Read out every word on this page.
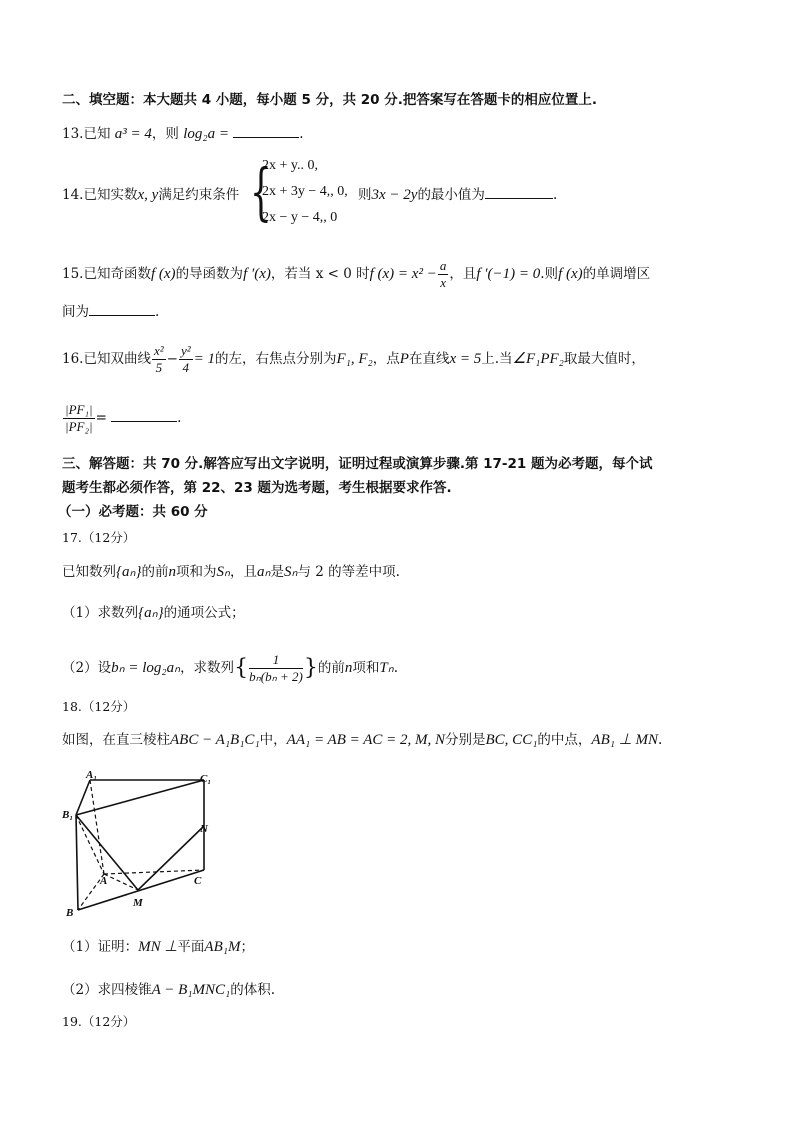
二、填空题：本大题共 4 小题，每小题 5 分，共 20 分.把答案写在答题卡的相应位置上.
13.已知 a³ = 4，则 log₂a =	.
14.已知实数x, y满足约束条件 {
2x + y.. 0,
2x + 3y − 4,, 0,
2x − y − 4,, 0
则3x − 2y的最小值为	.
15.已知奇函数f (x)的导函数为f ′(x)，若当 x < 0 时f $(x) = x^2 - \frac{a}{x}$ ，且f ′(−1) = 0.则f (x)的单调增区
间为	.
16.已知双曲线 $\frac{\text{x²}}{5} - \frac{\text{y²}}{4} = 1$的左，右焦点分别为F₁, F₂，点P在直线x = 5上.当∠F₁PF₂取最大值时，
$\frac{\text{|PF₁|}}{\text{|PF₂|}}$ =	.
三、解答题：共 70 分.解答应写出文字说明，证明过程或演算步骤.第 17-21 题为必考题，每个试
题考生都必须作答，第 22、23 题为选考题，考生根据要求作答.
（一）必考题：共 60 分
17.（12分）
已知数列{aₙ}的前n项和为Sₙ，且aₙ是Sₙ与 2 的等差中项.
（1）求数列{aₙ}的通项公式；
（2）设bₙ = log₂aₙ，求数列{ $\frac{1}{\text{bₙ(bₙ + 2)}}$ }的前n项和Tₙ.
18.（12分）
如图，在直三棱柱ABC − A₁B₁C₁中，AA₁ = AB = AC = 2, M, N分别是BC, CC₁的中点，AB₁ ⊥ MN.
A₁	C₁
B₁
N
A	C
B
M
（1）证明：MN ⊥平面AB₁M；
（2）求四棱锥A − B₁MNC₁的体积.
19.（12分）
